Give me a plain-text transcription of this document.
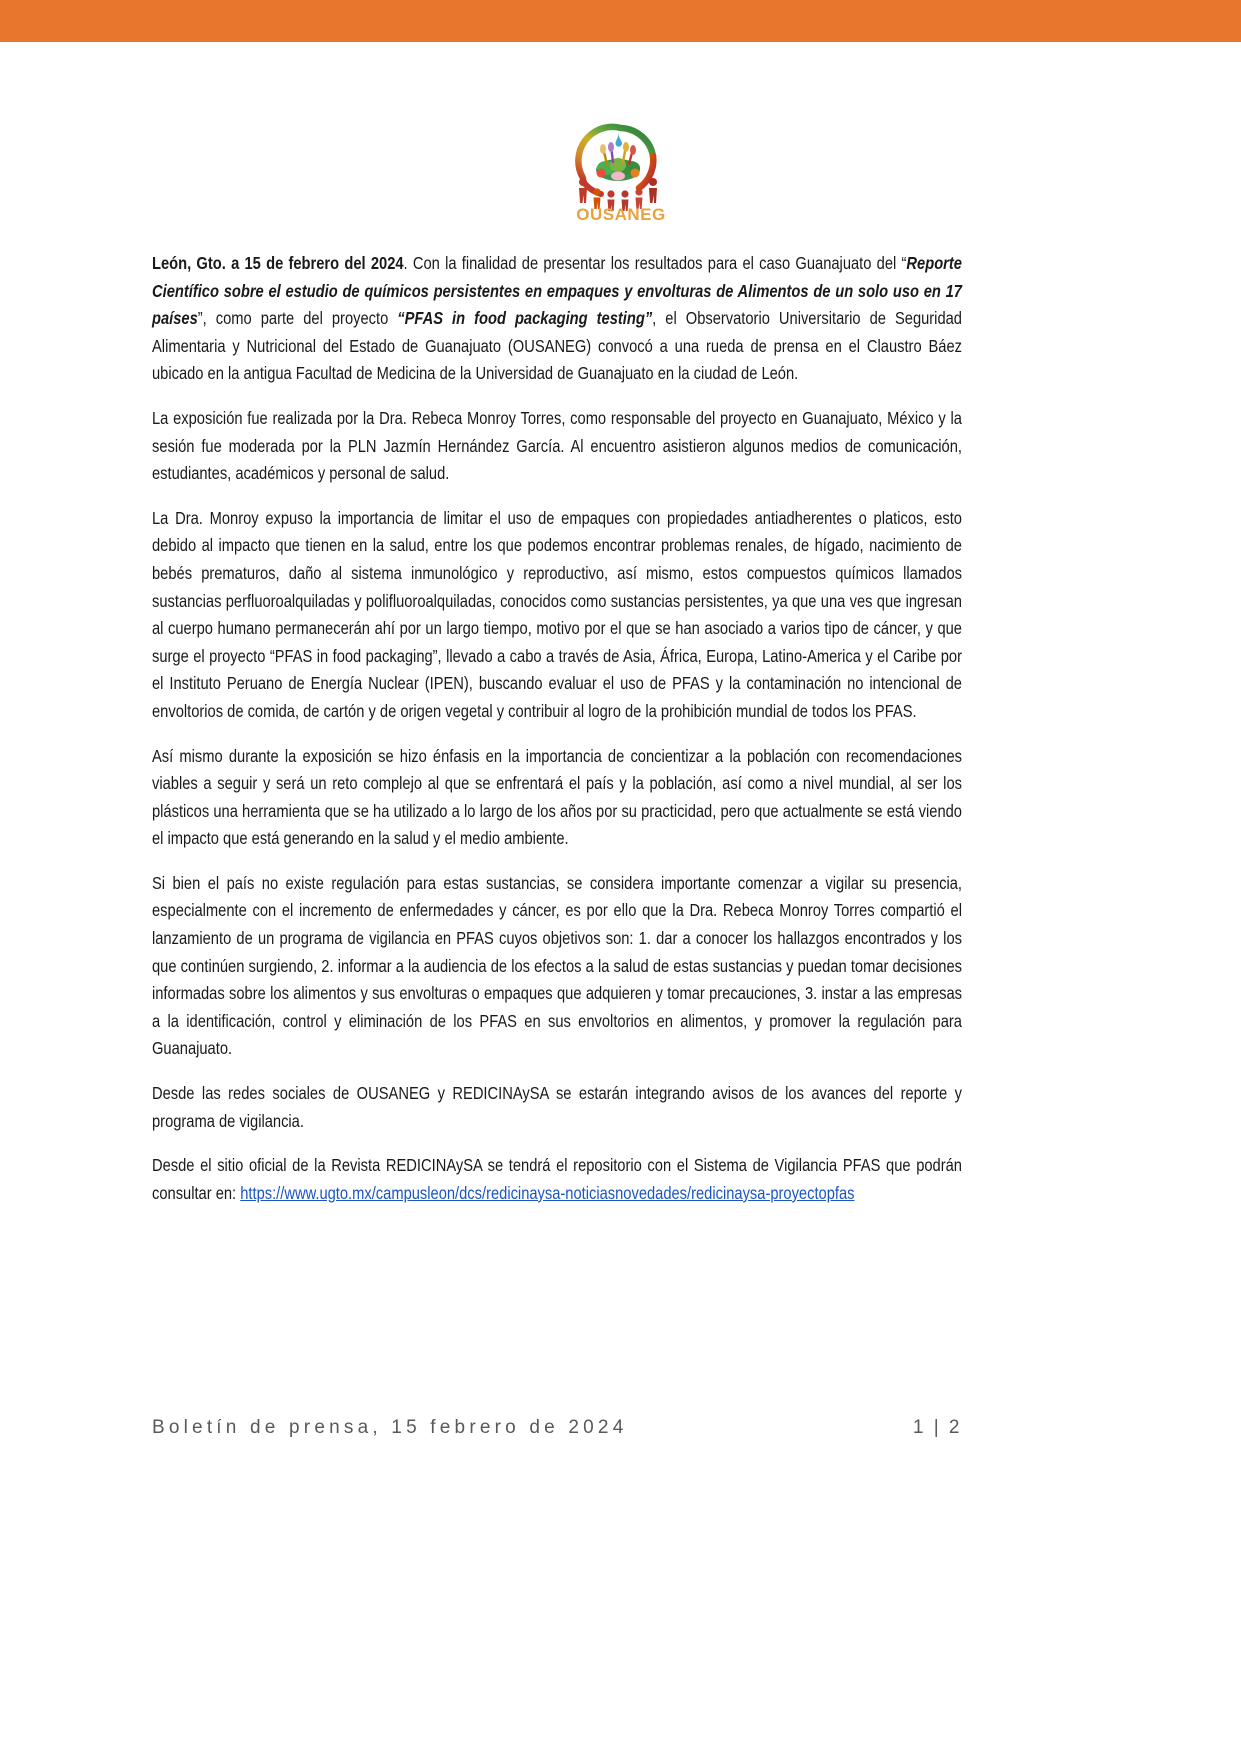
OUSANEG

León, Gto. a 15 de febrero del 2024. Con la finalidad de presentar los resultados para el caso Guanajuato del “Reporte Científico sobre el estudio de químicos persistentes en empaques y envolturas de Alimentos de un solo uso en 17 países”, como parte del proyecto “PFAS in food packaging testing”, el Observatorio Universitario de Seguridad Alimentaria y Nutricional del Estado de Guanajuato (OUSANEG) convocó a una rueda de prensa en el Claustro Báez ubicado en la antigua Facultad de Medicina de la Universidad de Guanajuato en la ciudad de León.

La exposición fue realizada por la Dra. Rebeca Monroy Torres, como responsable del proyecto en Guanajuato, México y la sesión fue moderada por la PLN Jazmín Hernández García. Al encuentro asistieron algunos medios de comunicación, estudiantes, académicos y personal de salud.

La Dra. Monroy expuso la importancia de limitar el uso de empaques con propiedades antiadherentes o platicos, esto debido al impacto que tienen en la salud, entre los que podemos encontrar problemas renales, de hígado, nacimiento de bebés prematuros, daño al sistema inmunológico y reproductivo, así mismo, estos compuestos químicos llamados sustancias perfluoroalquiladas y polifluoroalquiladas, conocidos como sustancias persistentes, ya que una ves que ingresan al cuerpo humano permanecerán ahí por un largo tiempo, motivo por el que se han asociado a varios tipo de cáncer, y que surge el proyecto “PFAS in food packaging”, llevado a cabo a través de Asia, África, Europa, Latino-America y el Caribe por el Instituto Peruano de Energía Nuclear (IPEN), buscando evaluar el uso de PFAS y la contaminación no intencional de envoltorios de comida, de cartón y de origen vegetal y contribuir al logro de la prohibición mundial de todos los PFAS.

Así mismo durante la exposición se hizo énfasis en la importancia de concientizar a la población con recomendaciones viables a seguir y será un reto complejo al que se enfrentará el país y la población, así como a nivel mundial, al ser los plásticos una herramienta que se ha utilizado a lo largo de los años por su practicidad, pero que actualmente se está viendo el impacto que está generando en la salud y el medio ambiente.

Si bien el país no existe regulación para estas sustancias, se considera importante comenzar a vigilar su presencia, especialmente con el incremento de enfermedades y cáncer, es por ello que la Dra. Rebeca Monroy Torres compartió el lanzamiento de un programa de vigilancia en PFAS cuyos objetivos son: 1. dar a conocer los hallazgos encontrados y los que continúen surgiendo, 2. informar a la audiencia de los efectos a la salud de estas sustancias y puedan tomar decisiones informadas sobre los alimentos y sus envolturas o empaques que adquieren y tomar precauciones, 3. instar a las empresas a la identificación, control y eliminación de los PFAS en sus envoltorios en alimentos, y promover la regulación para Guanajuato.

Desde las redes sociales de OUSANEG y REDICINAySA se estarán integrando avisos de los avances del reporte y programa de vigilancia.

Desde el sitio oficial de la Revista REDICINAySA se tendrá el repositorio con el Sistema de Vigilancia PFAS que podrán consultar en: https://www.ugto.mx/campusleon/dcs/redicinaysa-noticiasnovedades/redicinaysa-proyectopfas

Boletín de prensa, 15 febrero de 2024	1 | 2
